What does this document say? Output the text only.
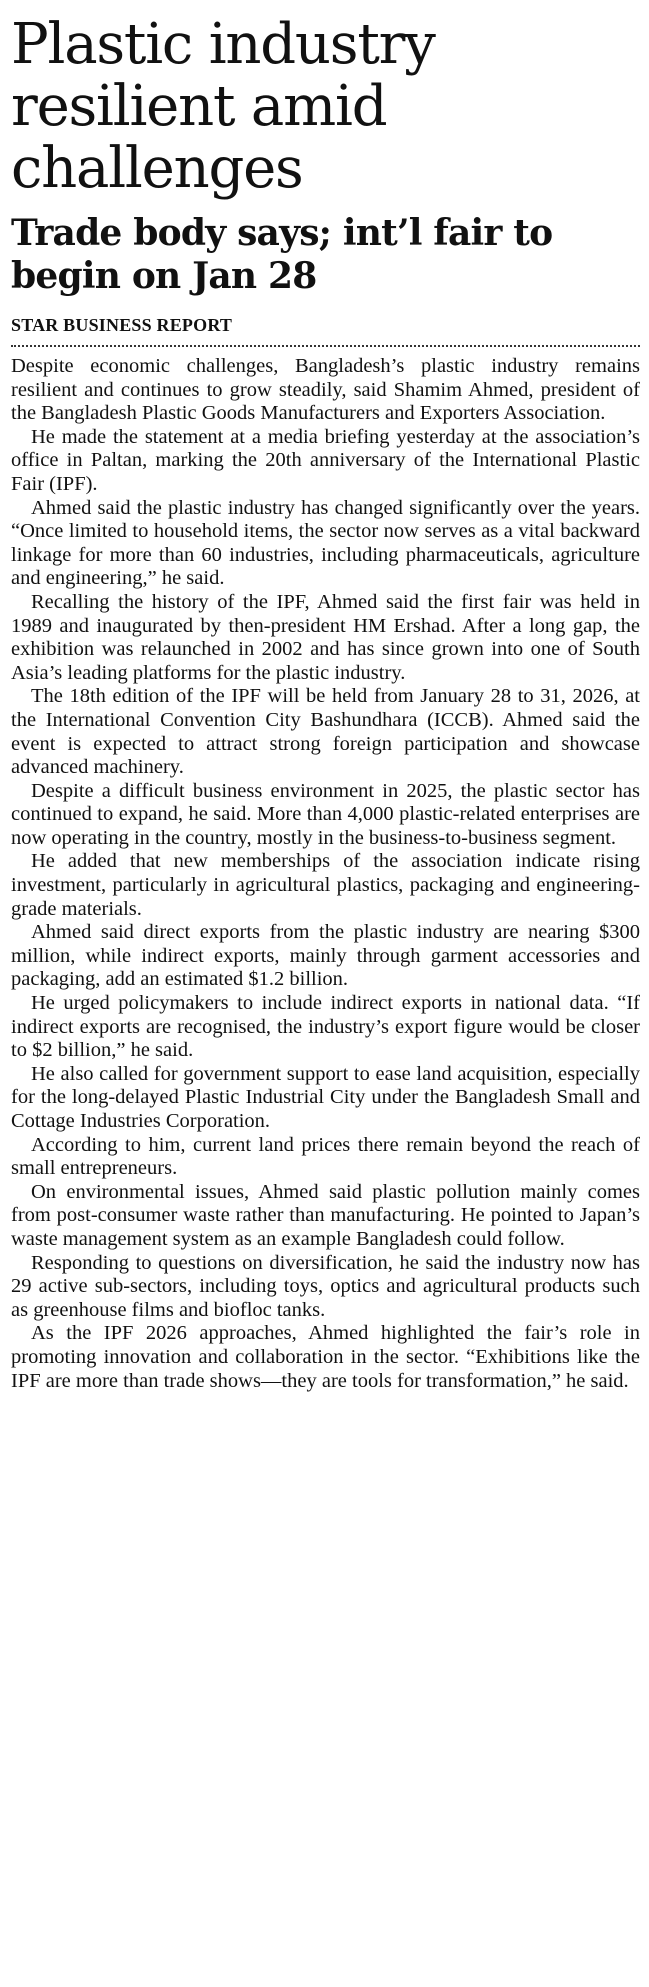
Plastic industry resilient amid challenges
Trade body says; int’l fair to begin on Jan 28
STAR BUSINESS REPORT

Despite economic challenges, Bangladesh’s plastic industry remains resilient and continues to grow steadily, said Shamim Ahmed, president of the Bangladesh Plastic Goods Manufacturers and Exporters Association.

He made the statement at a media briefing yesterday at the association’s office in Paltan, marking the 20th anniversary of the International Plastic Fair (IPF).

Ahmed said the plastic industry has changed significantly over the years. “Once limited to household items, the sector now serves as a vital backward linkage for more than 60 industries, including pharmaceuticals, agriculture and engineering,” he said.

Recalling the history of the IPF, Ahmed said the first fair was held in 1989 and inaugurated by then-president HM Ershad. After a long gap, the exhibition was relaunched in 2002 and has since grown into one of South Asia’s leading platforms for the plastic industry.

The 18th edition of the IPF will be held from January 28 to 31, 2026, at the International Convention City Bashundhara (ICCB). Ahmed said the event is expected to attract strong foreign participation and showcase advanced machinery.

Despite a difficult business environment in 2025, the plastic sector has continued to expand, he said. More than 4,000 plastic-related enterprises are now operating in the country, mostly in the business-to-business segment.

He added that new memberships of the association indicate rising investment, particularly in agricultural plastics, packaging and engineering-grade materials.

Ahmed said direct exports from the plastic industry are nearing $300 million, while indirect exports, mainly through garment accessories and packaging, add an estimated $1.2 billion.

He urged policymakers to include indirect exports in national data. “If indirect exports are recognised, the industry’s export figure would be closer to $2 billion,” he said.

He also called for government support to ease land acquisition, especially for the long-delayed Plastic Industrial City under the Bangladesh Small and Cottage Industries Corporation.

According to him, current land prices there remain beyond the reach of small entrepreneurs.

On environmental issues, Ahmed said plastic pollution mainly comes from post-consumer waste rather than manufacturing. He pointed to Japan’s waste management system as an example Bangladesh could follow.

Responding to questions on diversification, he said the industry now has 29 active sub-sectors, including toys, optics and agricultural products such as greenhouse films and biofloc tanks.

As the IPF 2026 approaches, Ahmed highlighted the fair’s role in promoting innovation and collaboration in the sector. “Exhibitions like the IPF are more than trade shows—they are tools for transformation,” he said.
